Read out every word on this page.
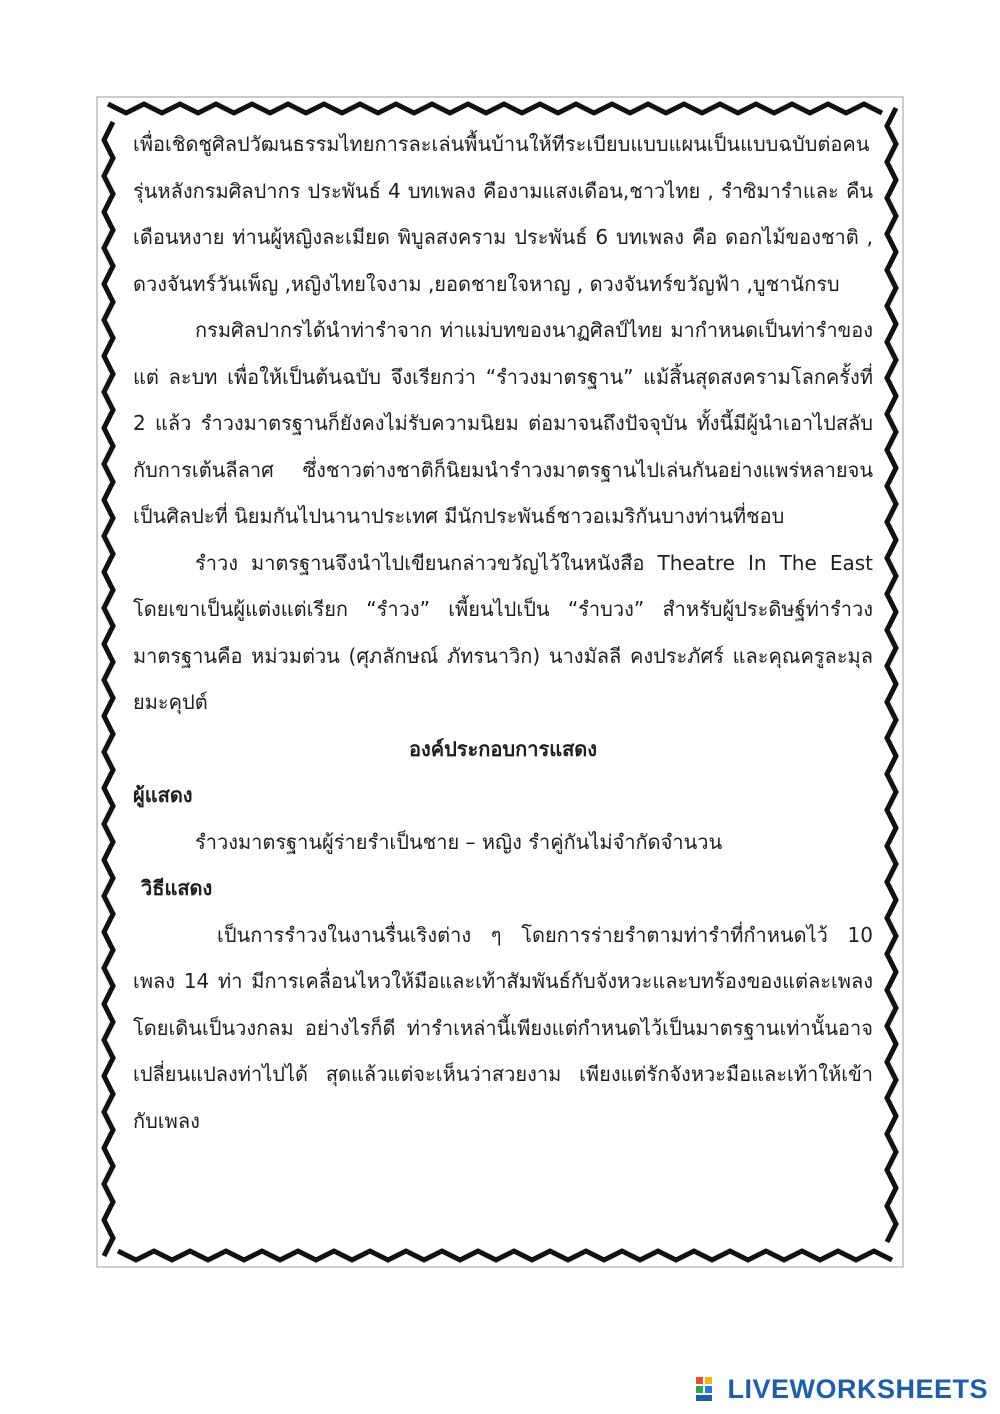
เพื่อเชิดชูศิลปวัฒนธรรมไทยการละเล่นพื้นบ้านให้ทีระเบียบแบบแผนเป็นแบบฉบับต่อคนรุ่นหลังกรมศิลปากร ประพันธ์ 4 บทเพลง คืองามแสงเดือน,ชาวไทย , รำซิมารำและ คืนเดือนหงาย ท่านผู้หญิงละเมียด พิบูลสงคราม ประพันธ์ 6 บทเพลง คือ ดอกไม้ของชาติ , ดวงจันทร์วันเพ็ญ ,หญิงไทยใจงาม ,ยอดชายใจหาญ , ดวงจันทร์ขวัญฟ้า ,บูชานักรบ

กรมศิลปากรได้นำท่ารำจาก ท่าแม่บทของนาฏศิลป์ไทย มากำหนดเป็นท่ารำของแต่ ละบท เพื่อให้เป็นต้นฉบับ จึงเรียกว่า “รำวงมาตรฐาน” แม้สิ้นสุดสงครามโลกครั้งที่ 2 แล้ว รำวงมาตรฐานก็ยังคงไม่รับความนิยม ต่อมาจนถึงปัจจุบัน ทั้งนี้มีผู้นำเอาไปสลับกับการเต้นลีลาศ ซึ่งชาวต่างชาติก็นิยมนำรำวงมาตรฐานไปเล่นกันอย่างแพร่หลายจนเป็นศิลปะที่ นิยมกันไปนานาประเทศ มีนักประพันธ์ชาวอเมริกันบางท่านที่ชอบ

รำวง มาตรฐานจึงนำไปเขียนกล่าวขวัญไว้ในหนังสือ Theatre In The East โดยเขาเป็นผู้แต่งแต่เรียก “รำวง” เพี้ยนไปเป็น “รำบวง” สำหรับผู้ประดิษฐ์ท่ารำวงมาตรฐานคือ หม่วมต่วน (ศุภลักษณ์ ภัทรนาวิก) นางมัลลี คงประภัศร์ และคุณครูละมุล ยมะคุปต์

องค์ประกอบการแสดง

ผู้แสดง

รำวงมาตรฐานผู้ร่ายรำเป็นชาย – หญิง รำคู่กันไม่จำกัดจำนวน

วิธีแสดง

เป็นการรำวงในงานรื่นเริงต่าง ๆ โดยการร่ายรำตามท่ารำที่กำหนดไว้ 10 เพลง 14 ท่า มีการเคลื่อนไหวให้มือและเท้าสัมพันธ์กับจังหวะและบทร้องของแต่ละเพลง โดยเดินเป็นวงกลม อย่างไรก็ดี ท่ารำเหล่านี้เพียงแต่กำหนดไว้เป็นมาตรฐานเท่านั้นอาจเปลี่ยนแปลงท่าไปได้ สุดแล้วแต่จะเห็นว่าสวยงาม เพียงแต่รักจังหวะมือและเท้าให้เข้ากับเพลง

LIVEWORKSHEETS
